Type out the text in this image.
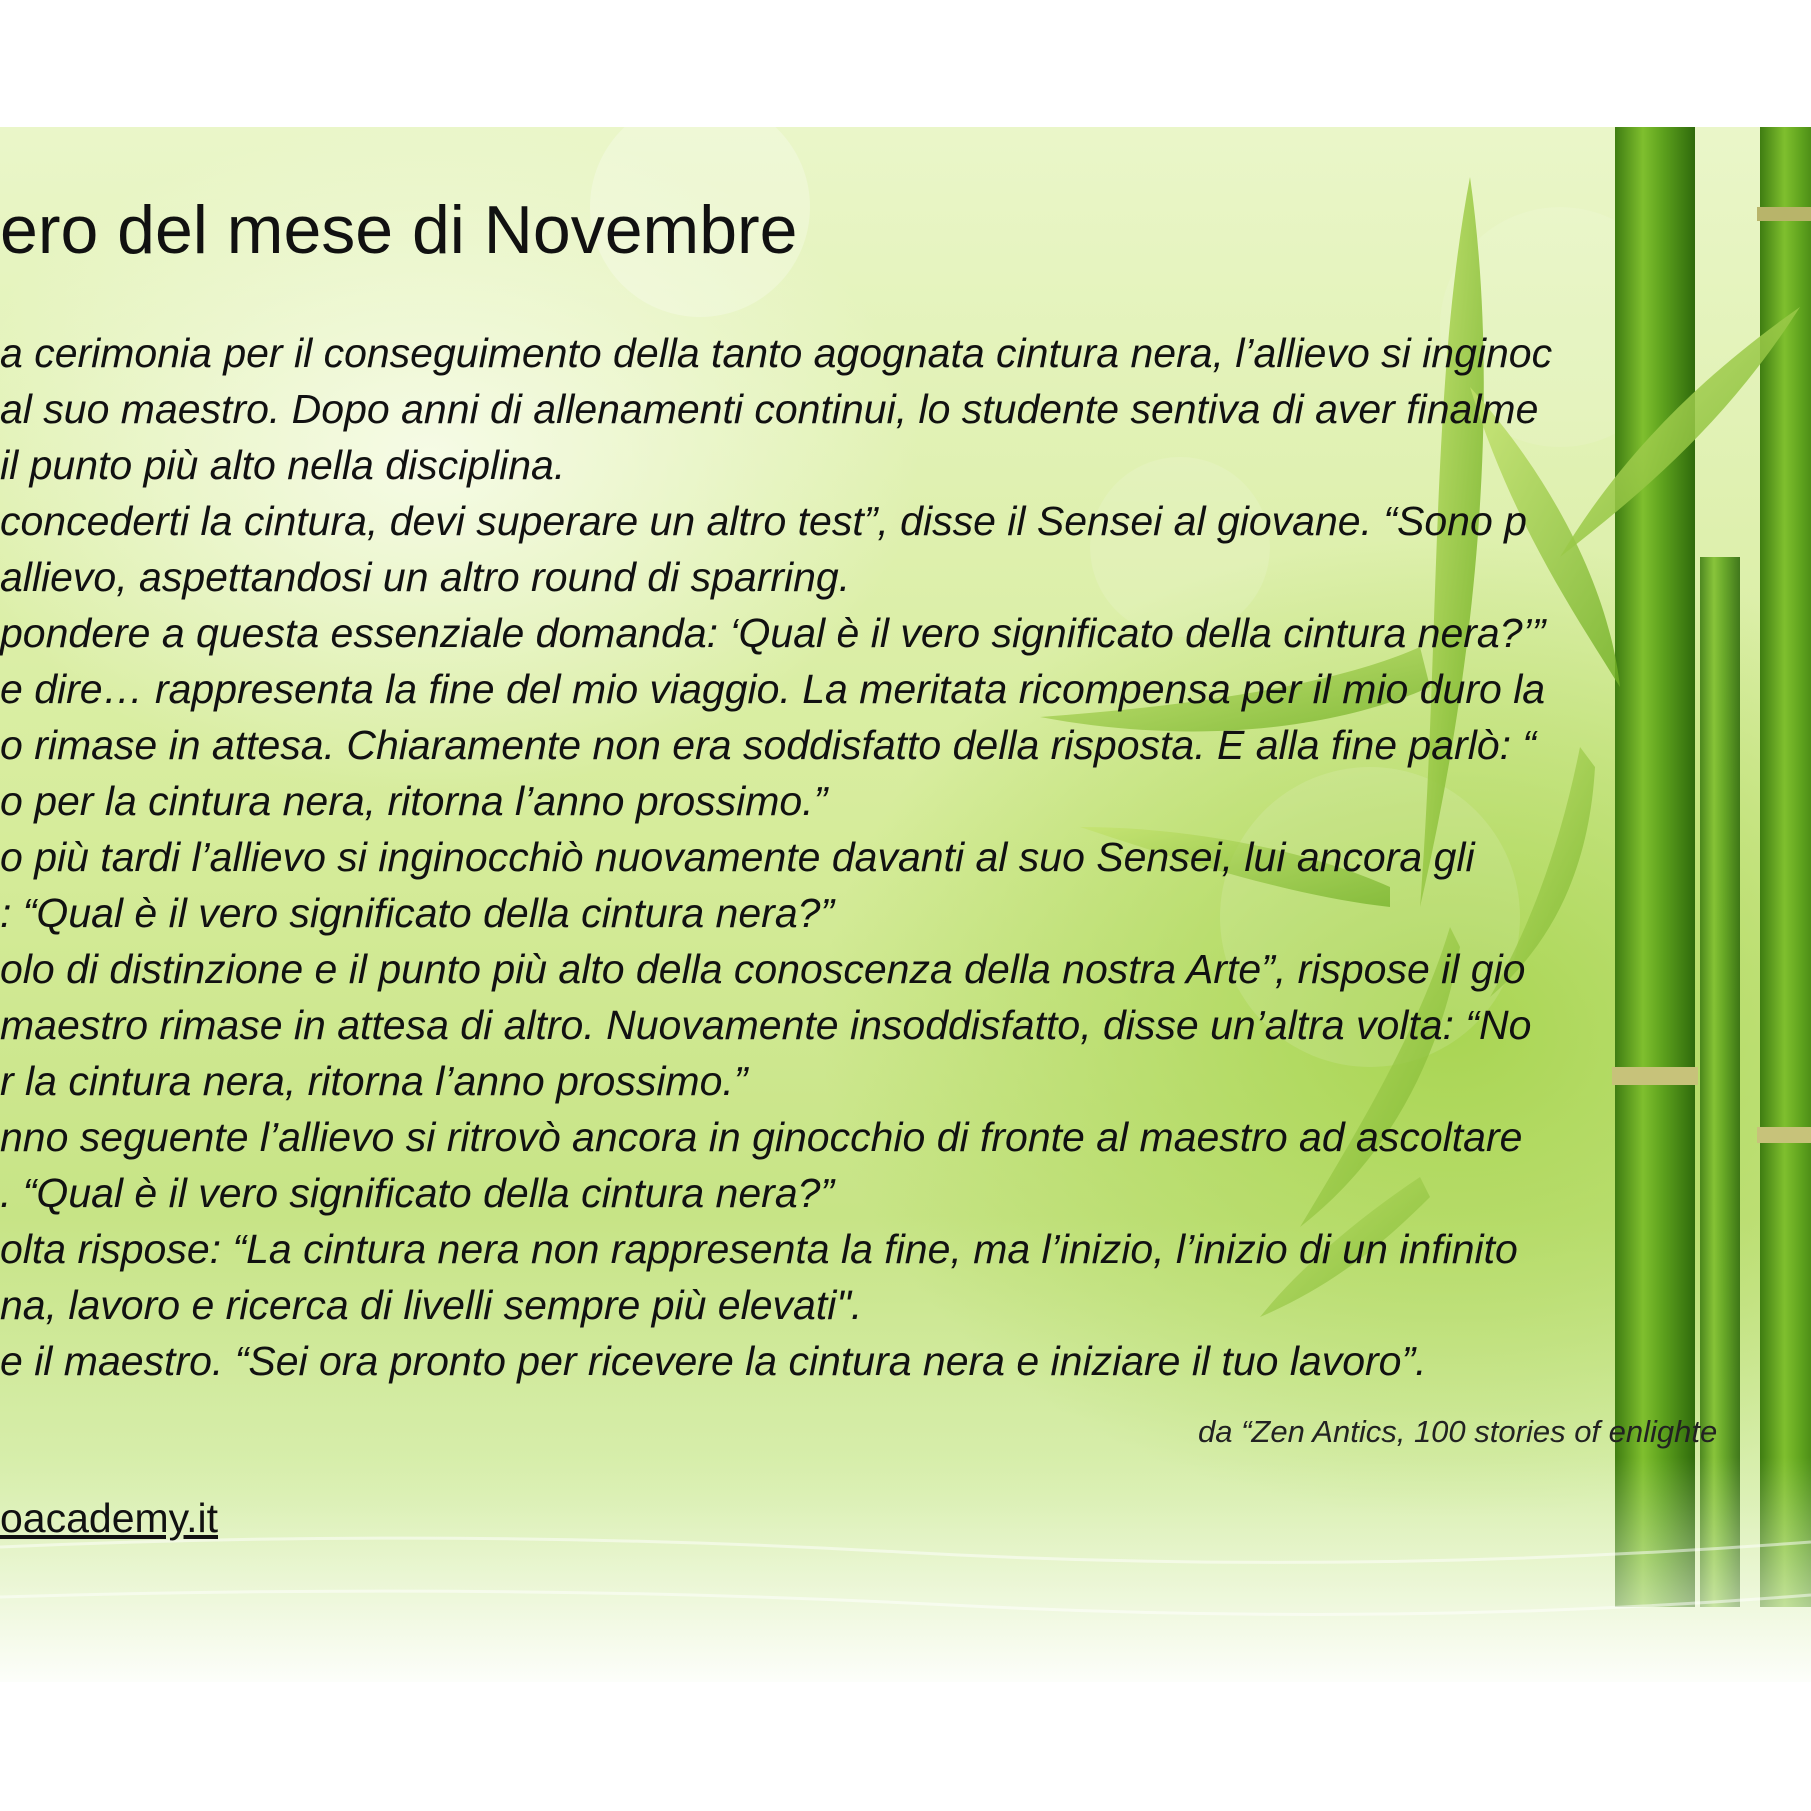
ero del mese di Novembre
a cerimonia per il conseguimento della tanto agognata cintura nera, l’allievo si inginoc
al suo maestro. Dopo anni di allenamenti continui, lo studente sentiva di aver finalme
il punto più alto nella disciplina.
concederti la cintura, devi superare un altro test”, disse il Sensei al giovane. “Sono p
allievo, aspettandosi un altro round di sparring.
pondere a questa essenziale domanda: ‘Qual è il vero significato della cintura nera?’”
e dire… rappresenta la fine del mio viaggio. La meritata ricompensa per il mio duro la
o rimase in attesa. Chiaramente non era soddisfatto della risposta. E alla fine parlò: “
o per la cintura nera, ritorna l’anno prossimo.”
o più tardi l’allievo si inginocchiò nuovamente davanti al suo Sensei, lui ancora gli
: “Qual è il vero significato della cintura nera?”
olo di distinzione e il punto più alto della conoscenza della nostra Arte”, rispose il gio
maestro rimase in attesa di altro. Nuovamente insoddisfatto, disse un’altra volta: “No
r la cintura nera, ritorna l’anno prossimo.”
nno seguente l’allievo si ritrovò ancora in ginocchio di fronte al maestro ad ascoltare
. “Qual è il vero significato della cintura nera?”
olta rispose: “La cintura nera non rappresenta la fine, ma l’inizio, l’inizio di un infinito
na, lavoro e ricerca di livelli sempre più elevati".
e il maestro. “Sei ora pronto per ricevere la cintura nera e iniziare il tuo lavoro”.

da “Zen Antics, 100 stories of enlighte

oacademy.it
